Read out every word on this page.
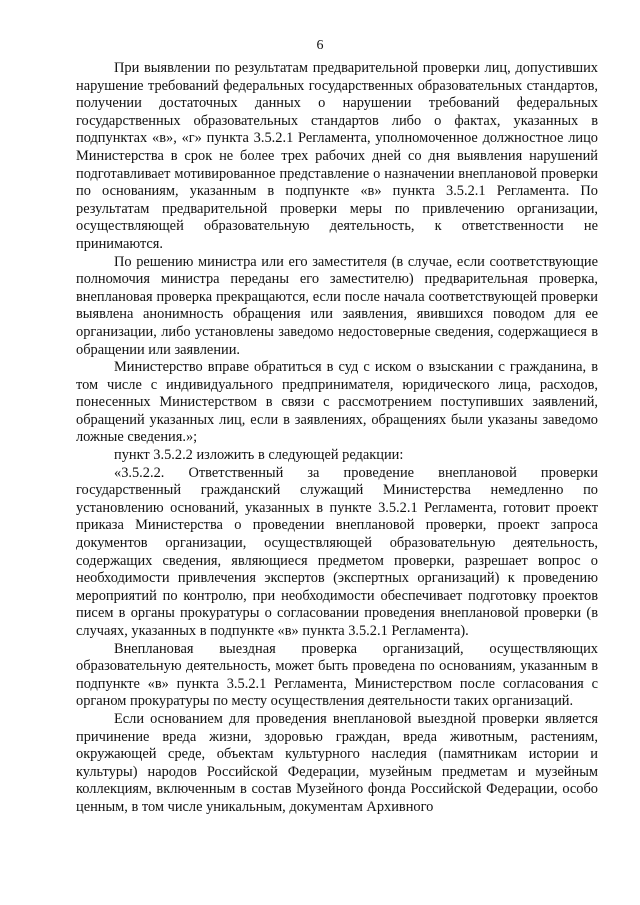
6

При выявлении по результатам предварительной проверки лиц, допустивших нарушение требований федеральных государственных образовательных стандартов, получении достаточных данных о нарушении требований федеральных государственных образовательных стандартов либо о фактах, указанных в подпунктах «в», «г» пункта 3.5.2.1 Регламента, уполномоченное должностное лицо Министерства в срок не более трех рабочих дней со дня выявления нарушений подготавливает мотивированное представление о назначении внеплановой проверки по основаниям, указанным в подпункте «в» пункта 3.5.2.1 Регламента. По результатам предварительной проверки меры по привлечению организации, осуществляющей образовательную деятельность, к ответственности не принимаются.

По решению министра или его заместителя (в случае, если соответствующие полномочия министра переданы его заместителю) предварительная проверка, внеплановая проверка прекращаются, если после начала соответствующей проверки выявлена анонимность обращения или заявления, явившихся поводом для ее организации, либо установлены заведомо недостоверные сведения, содержащиеся в обращении или заявлении.

Министерство вправе обратиться в суд с иском о взыскании с гражданина, в том числе с индивидуального предпринимателя, юридического лица, расходов, понесенных Министерством в связи с рассмотрением поступивших заявлений, обращений указанных лиц, если в заявлениях, обращениях были указаны заведомо ложные сведения.»;

пункт 3.5.2.2 изложить в следующей редакции:

«3.5.2.2. Ответственный за проведение внеплановой проверки государственный гражданский служащий Министерства немедленно по установлению оснований, указанных в пункте 3.5.2.1 Регламента, готовит проект приказа Министерства о проведении внеплановой проверки, проект запроса документов организации, осуществляющей образовательную деятельность, содержащих сведения, являющиеся предметом проверки, разрешает вопрос о необходимости привлечения экспертов (экспертных организаций) к проведению мероприятий по контролю, при необходимости обеспечивает подготовку проектов писем в органы прокуратуры о согласовании проведения внеплановой проверки (в случаях, указанных в подпункте «в» пункта 3.5.2.1 Регламента).

Внеплановая выездная проверка организаций, осуществляющих образовательную деятельность, может быть проведена по основаниям, указанным в подпункте «в» пункта 3.5.2.1 Регламента, Министерством после согласования с органом прокуратуры по месту осуществления деятельности таких организаций.

Если основанием для проведения внеплановой выездной проверки является причинение вреда жизни, здоровью граждан, вреда животным, растениям, окружающей среде, объектам культурного наследия (памятникам истории и культуры) народов Российской Федерации, музейным предметам и музейным коллекциям, включенным в состав Музейного фонда Российской Федерации, особо ценным, в том числе уникальным, документам Архивного
